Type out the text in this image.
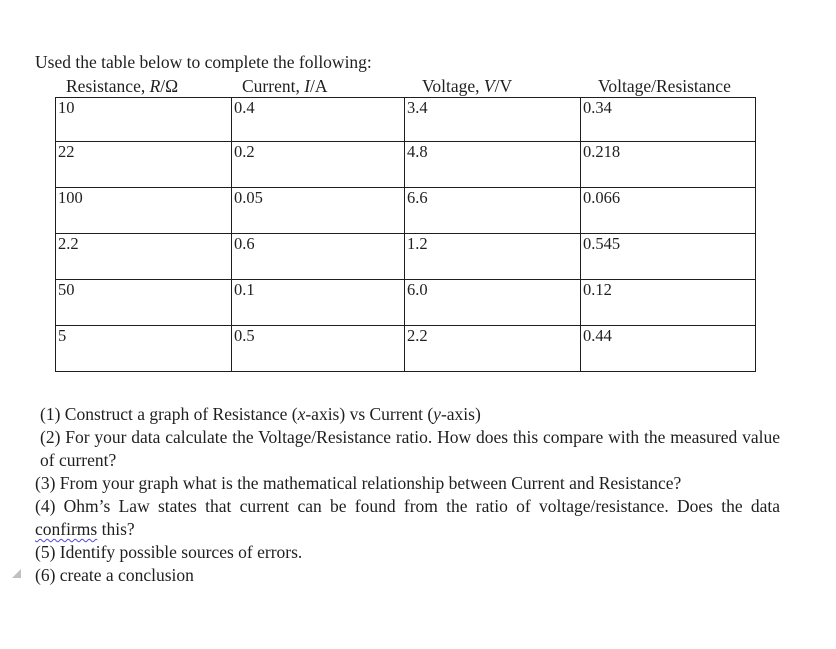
Used the table below to complete the following:
Resistance, R/Ω	Current, I/A	Voltage, V/V	Voltage/Resistance
10	0.4	3.4	0.34
22	0.2	4.8	0.218
100	0.05	6.6	0.066
2.2	0.6	1.2	0.545
50	0.1	6.0	0.12
5	0.5	2.2	0.44

(1) Construct a graph of Resistance (x-axis) vs Current (y-axis)

(2) For your data calculate the Voltage/Resistance ratio. How does this compare with the measured value of current?

(3) From your graph what is the mathematical relationship between Current and Resistance?

(4) Ohm’s Law states that current can be found from the ratio of voltage/resistance. Does the data confirms this?

(5) Identify possible sources of errors.

(6) create a conclusion
